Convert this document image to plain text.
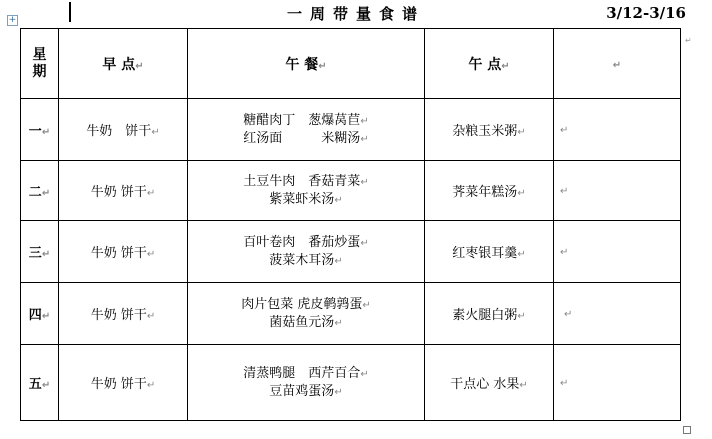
一周带量食谱	3/12-3/16
+
星
期	早 点↵	午 餐↵	午 点↵	↵
一↵	牛奶　饼干↵	糖醋肉丁　葱爆莴苣↵
红汤面　　　米糊汤↵	杂粮玉米粥↵	↵
二↵	牛奶 饼干↵	土豆牛肉　香菇青菜↵
紫菜虾米汤↵	荠菜年糕汤↵	↵
三↵	牛奶 饼干↵	百叶卷肉　番茄炒蛋↵
菠菜木耳汤↵	红枣银耳羹↵	↵
四↵	牛奶 饼干↵	肉片包菜 虎皮鹌鹑蛋↵
菌菇鱼元汤↵	素火腿白粥↵	↵
五↵	牛奶 饼干↵	清蒸鸭腿　西芹百合↵
豆苗鸡蛋汤↵	干点心 水果↵	↵
↵
